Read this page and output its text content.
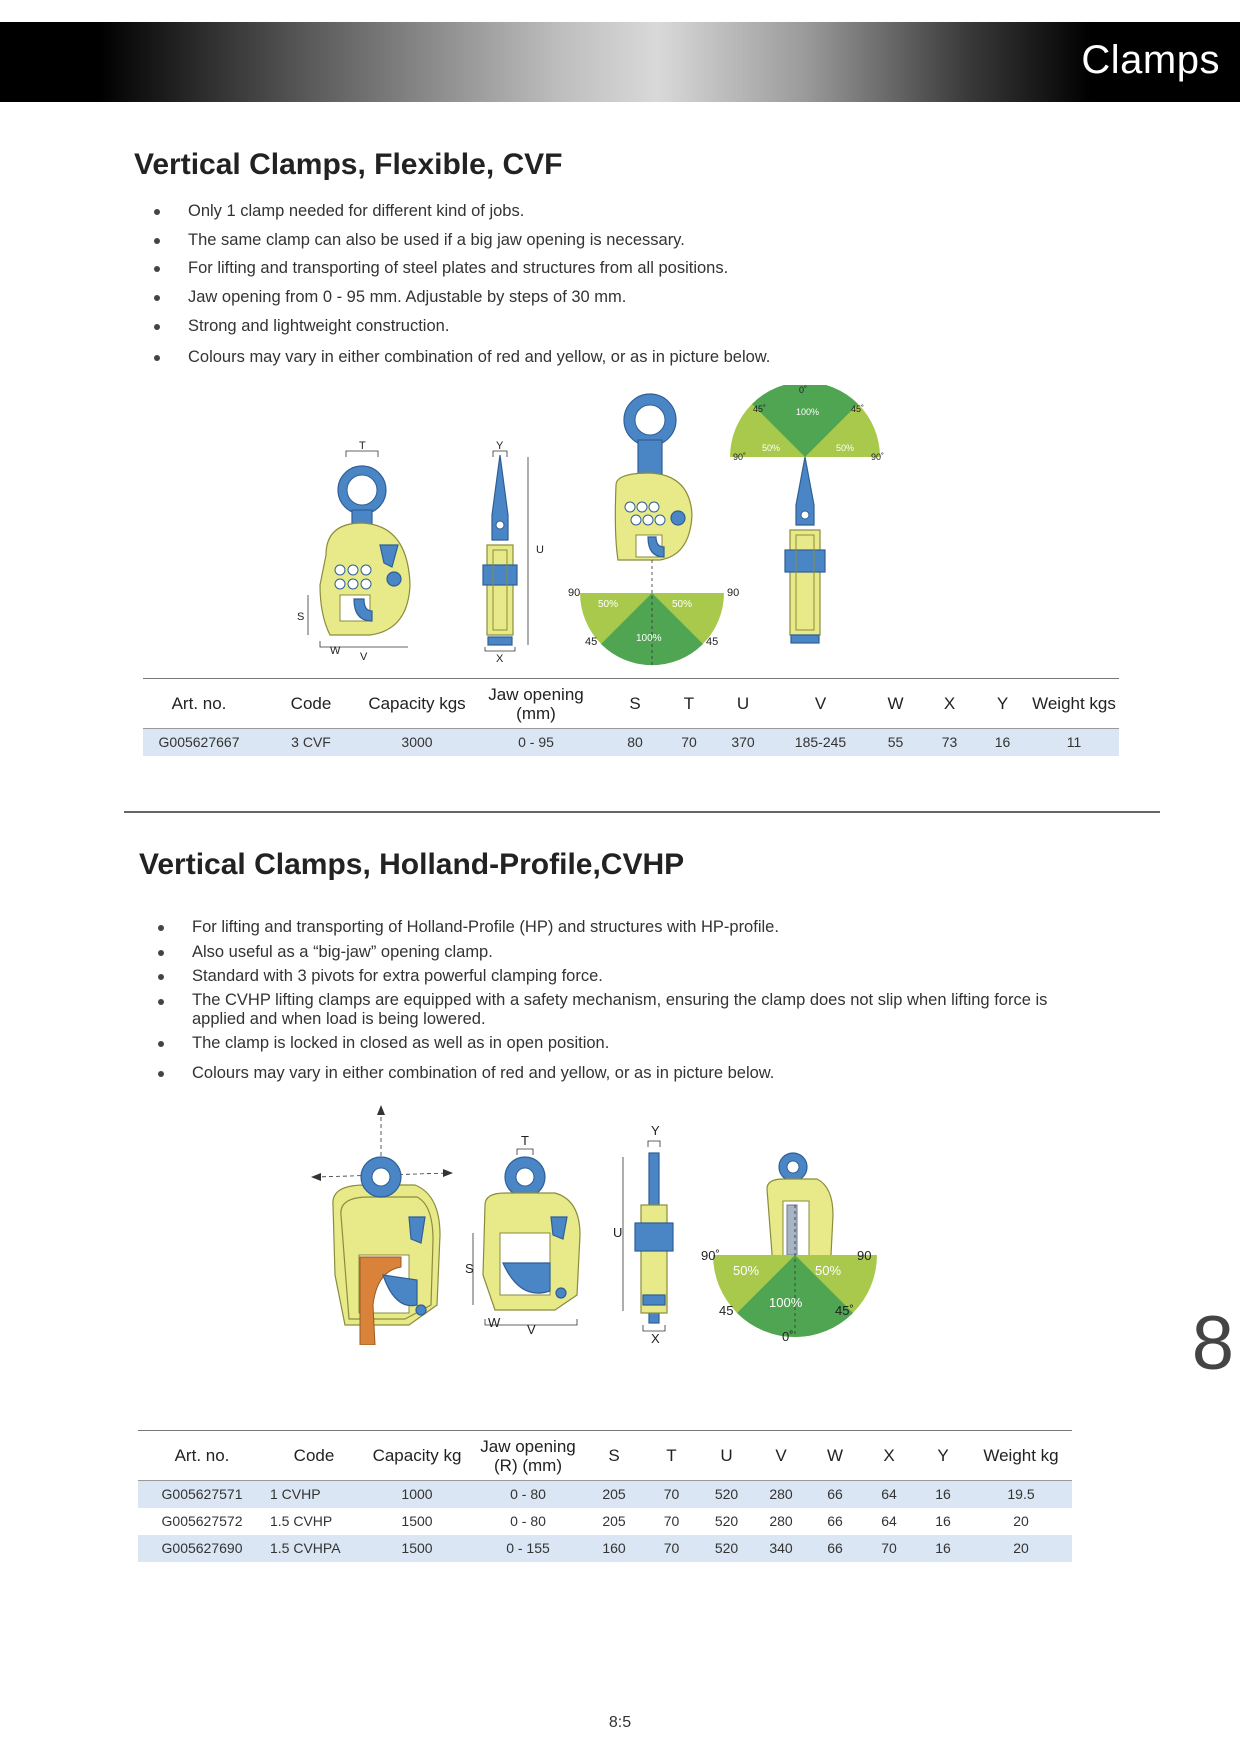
Clamps
Vertical Clamps, Flexible, CVF
Only 1 clamp needed for different kind of jobs.
The same clamp can also be used if a big jaw opening is necessary.
For lifting and transporting of steel plates and structures from all positions.
Jaw opening from 0 - 95 mm. Adjustable by steps of 30 mm.
Strong and lightweight construction.
Colours may vary in either combination of red and yellow, or as in picture below.
T
S
W V
Y
U
X
90	90
45	45
50%	50%
100%
0˚
45˚	45˚
90˚	90˚
100%
50%	50%
Art. no.	Code	Capacity kgs	Jaw opening (mm)	S	T	U	V	W	X	Y	Weight kgs
G005627667	3 CVF	3000	0 - 95	80	70	370	185-245	55	73	16	11
Vertical Clamps, Holland-Profile,CVHP
For lifting and transporting of Holland-Profile (HP) and structures with HP-profile.
Also useful as a “big-jaw” opening clamp.
Standard with 3 pivots for extra powerful clamping force.
The CVHP lifting clamps are equipped with a safety mechanism, ensuring the clamp does not slip when lifting force is applied and when load is being lowered.
The clamp is locked in closed as well as in open position.
Colours may vary in either combination of red and yellow, or as in picture below.
T
S
W V
Y
U
X
90˚	90
45	45˚
0˚
50%	50%
100%
Art. no.	Code	Capacity kg	Jaw opening (R) (mm)	S	T	U	V	W	X	Y	Weight kg
G005627571	1 CVHP	1000	0 - 80	205	70	520	280	66	64	16	19.5
G005627572	1.5 CVHP	1500	0 - 80	205	70	520	280	66	64	16	20
G005627690	1.5 CVHPA	1500	0 - 155	160	70	520	340	66	70	16	20
8
8:5
